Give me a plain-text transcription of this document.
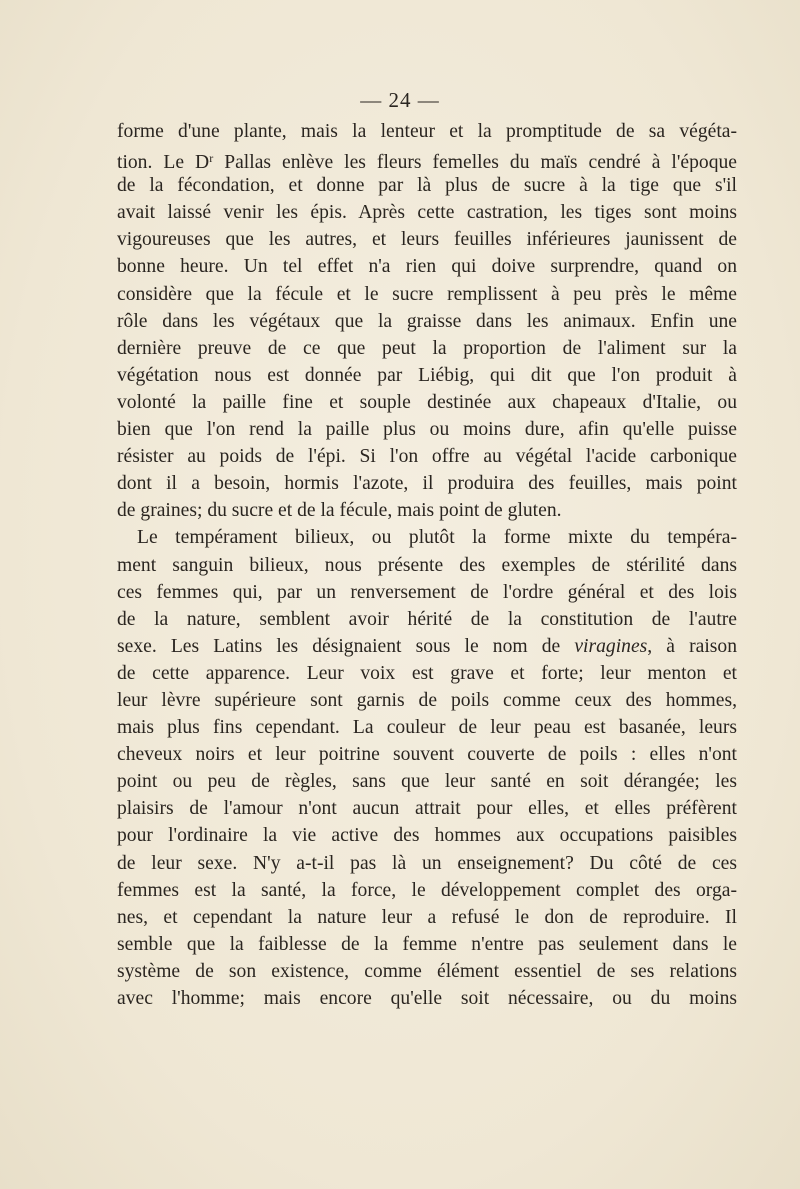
— 24 —
forme d'une plante, mais la lenteur et la promptitude de sa végéta-
tion. Le $D^r$ Pallas enlève les fleurs femelles du maïs cendré à l'époque
de la fécondation, et donne par là plus de sucre à la tige que s'il
avait laissé venir les épis. Après cette castration, les tiges sont moins
vigoureuses que les autres, et leurs feuilles inférieures jaunissent de
bonne heure. Un tel effet n'a rien qui doive surprendre, quand on
considère que la fécule et le sucre remplissent à peu près le même
rôle dans les végétaux que la graisse dans les animaux. Enfin une
dernière preuve de ce que peut la proportion de l'aliment sur la
végétation nous est donnée par Liébig, qui dit que l'on produit à
volonté la paille fine et souple destinée aux chapeaux d'Italie, ou
bien que l'on rend la paille plus ou moins dure, afin qu'elle puisse
résister au poids de l'épi. Si l'on offre au végétal l'acide carbonique
dont il a besoin, hormis l'azote, il produira des feuilles, mais point
de graines; du sucre et de la fécule, mais point de gluten.
Le tempérament bilieux, ou plutôt la forme mixte du tempéra-
ment sanguin bilieux, nous présente des exemples de stérilité dans
ces femmes qui, par un renversement de l'ordre général et des lois
de la nature, semblent avoir hérité de la constitution de l'autre
sexe. Les Latins les désignaient sous le nom de viragines, à raison
de cette apparence. Leur voix est grave et forte; leur menton et
leur lèvre supérieure sont garnis de poils comme ceux des hommes,
mais plus fins cependant. La couleur de leur peau est basanée, leurs
cheveux noirs et leur poitrine souvent couverte de poils : elles n'ont
point ou peu de règles, sans que leur santé en soit dérangée; les
plaisirs de l'amour n'ont aucun attrait pour elles, et elles préfèrent
pour l'ordinaire la vie active des hommes aux occupations paisibles
de leur sexe. N'y a-t-il pas là un enseignement? Du côté de ces
femmes est la santé, la force, le développement complet des orga-
nes, et cependant la nature leur a refusé le don de reproduire. Il
semble que la faiblesse de la femme n'entre pas seulement dans le
système de son existence, comme élément essentiel de ses relations
avec l'homme; mais encore qu'elle soit nécessaire, ou du moins
